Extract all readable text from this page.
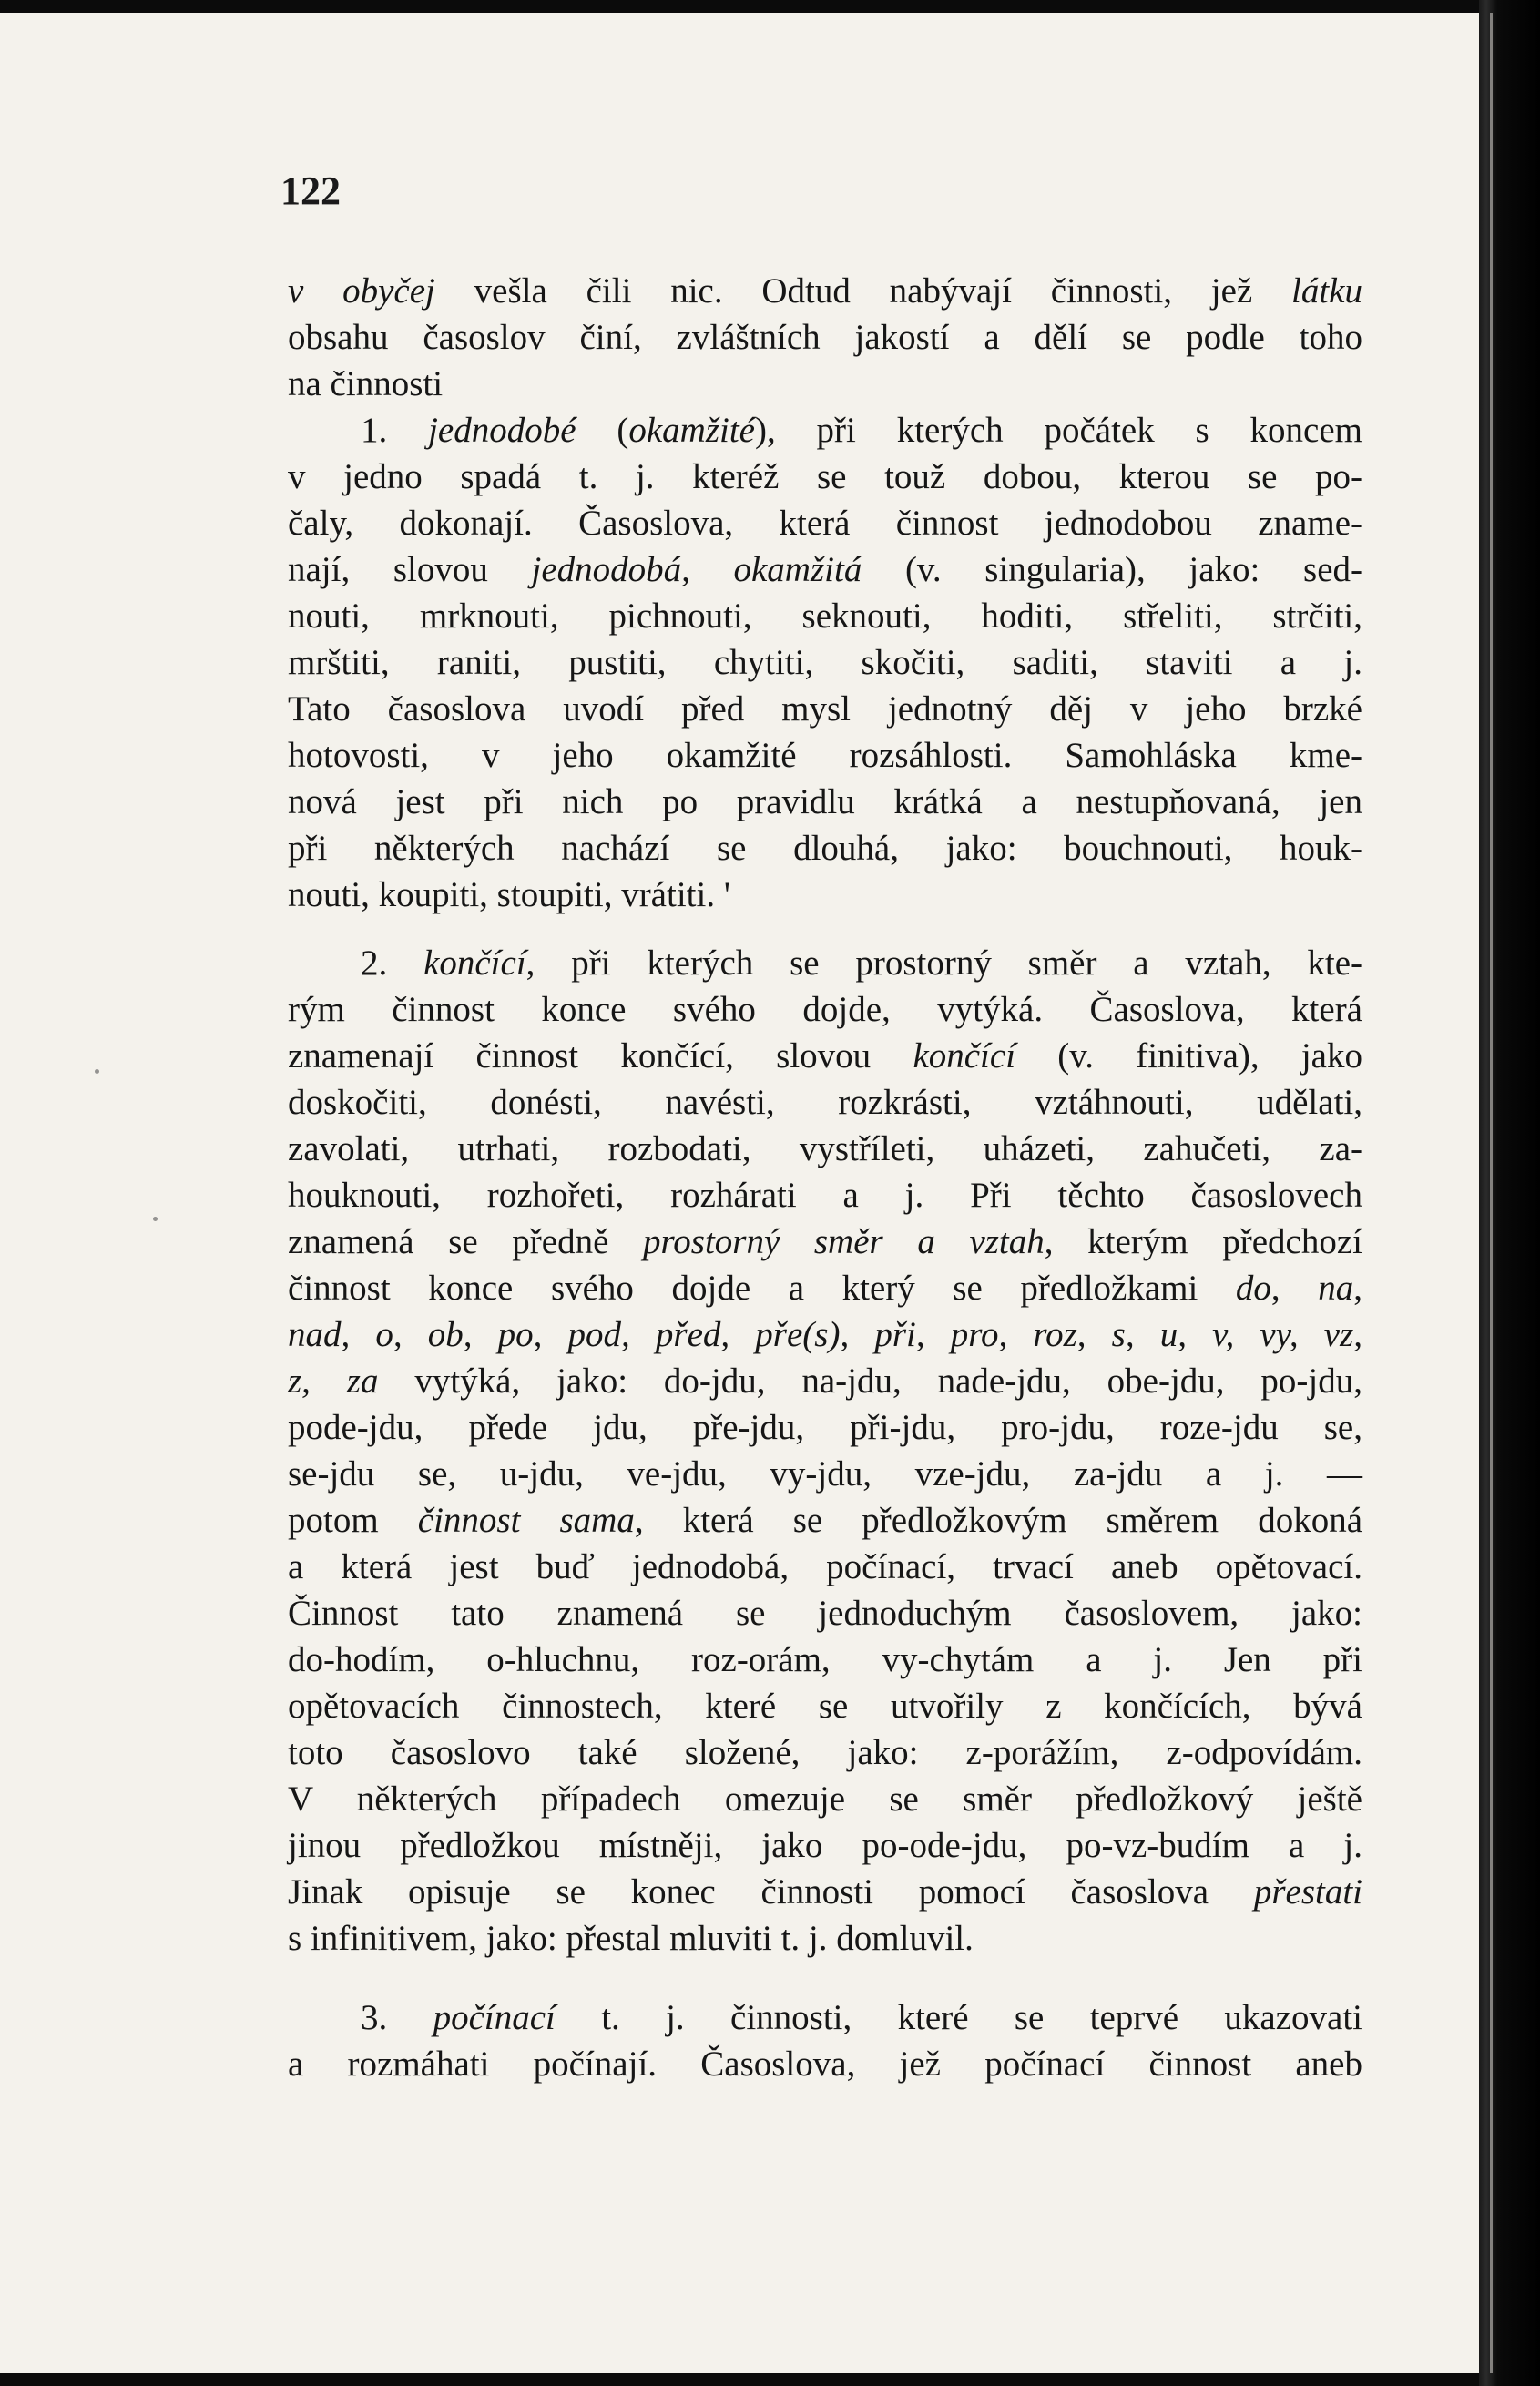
122

v obyčej vešla čili nic. Odtud nabývají činnosti, jež látku

obsahu časoslov činí, zvláštních jakostí a dělí se podle toho

na činnosti

1. jednodobé (okamžité), při kterých počátek s koncem

v jedno spadá t. j. kteréž se touž dobou, kterou se po-

čaly, dokonají. Časoslova, která činnost jednodobou zname-

nají, slovou jednodobá, okamžitá (v. singularia), jako: sed-

nouti, mrknouti, pichnouti, seknouti, hoditi, střeliti, strčiti,

mrštiti, raniti, pustiti, chytiti, skočiti, saditi, staviti a j.

Tato časoslova uvodí před mysl jednotný děj v jeho brzké

hotovosti, v jeho okamžité rozsáhlosti. Samohláska kme-

nová jest při nich po pravidlu krátká a nestupňovaná, jen

při některých nachází se dlouhá, jako: bouchnouti, houk-

nouti, koupiti, stoupiti, vrátiti. '

2. končící, při kterých se prostorný směr a vztah, kte-

rým činnost konce svého dojde, vytýká. Časoslova, která

znamenají činnost končící, slovou končící (v. finitiva), jako

doskočiti, donésti, navésti, rozkrásti, vztáhnouti, udělati,

zavolati, utrhati, rozbodati, vystříleti, uházeti, zahučeti, za-

houknouti, rozhořeti, rozhárati a j. Při těchto časoslovech

znamená se předně prostorný směr a vztah, kterým předchozí

činnost konce svého dojde a který se předložkami do, na,

nad, o, ob, po, pod, před, pře(s), při, pro, roz, s, u, v, vy, vz,

z, za vytýká, jako: do-jdu, na-jdu, nade-jdu, obe-jdu, po-jdu,

pode-jdu, přede jdu, pře-jdu, při-jdu, pro-jdu, roze-jdu se,

se-jdu se, u-jdu, ve-jdu, vy-jdu, vze-jdu, za-jdu a j. —

potom činnost sama, která se předložkovým směrem dokoná

a která jest buď jednodobá, počínací, trvací aneb opětovací.

Činnost tato znamená se jednoduchým časoslovem, jako:

do-hodím, o-hluchnu, roz-orám, vy-chytám a j. Jen při

opětovacích činnostech, které se utvořily z končících, bývá

toto časoslovo také složené, jako: z-porážím, z-odpovídám.

V některých případech omezuje se směr předložkový ještě

jinou předložkou místněji, jako po-ode-jdu, po-vz-budím a j.

Jinak opisuje se konec činnosti pomocí časoslova přestati

s infinitivem, jako: přestal mluviti t. j. domluvil.

3. počínací t. j. činnosti, které se teprvé ukazovati

a rozmáhati počínají. Časoslova, jež počínací činnost aneb
